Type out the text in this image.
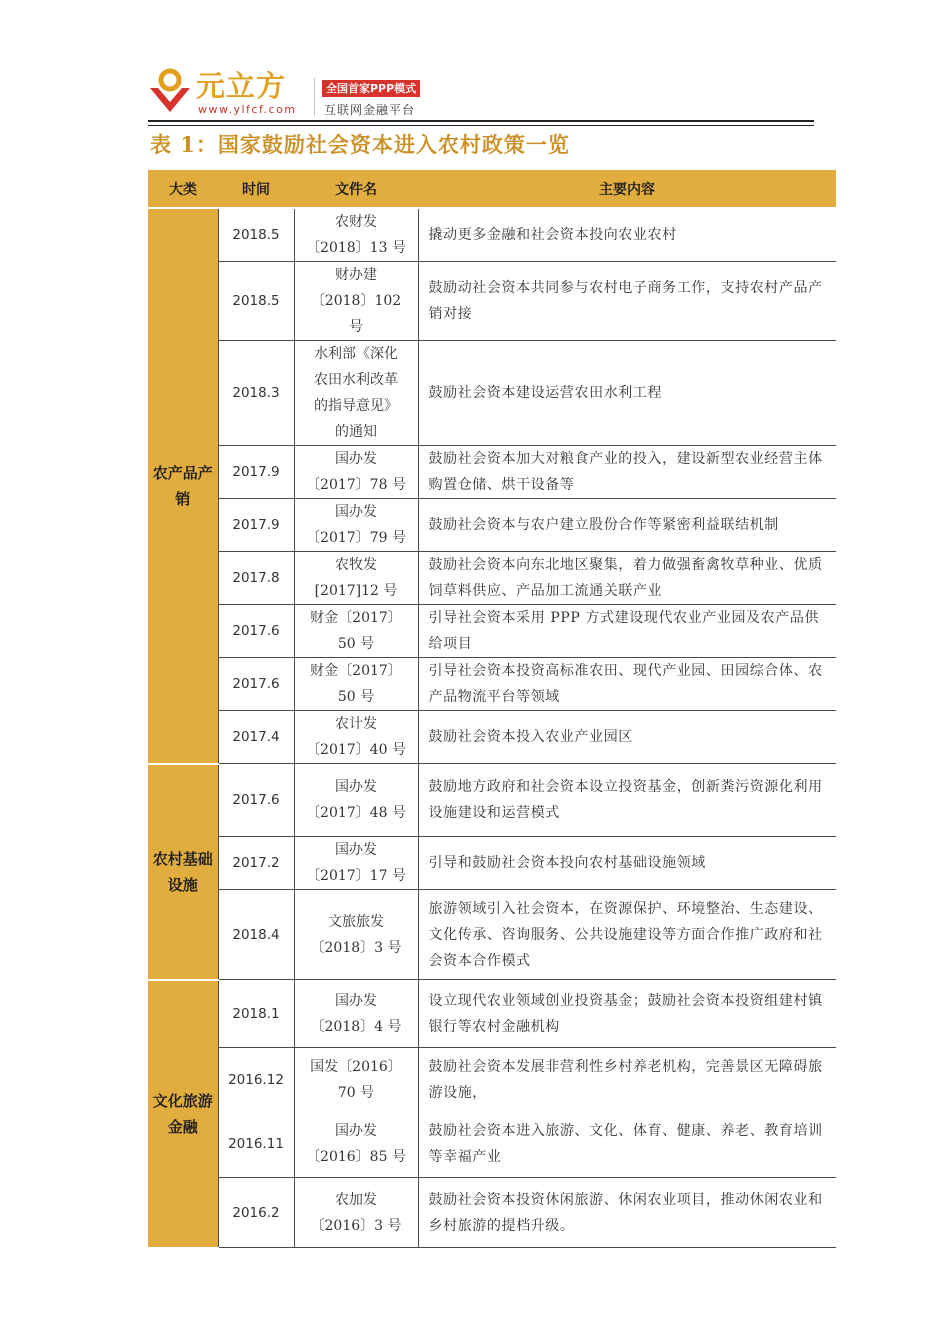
元立方
www.ylfcf.com
全国首家PPP模式
互联网金融平台
表 1：国家鼓励社会资本进入农村政策一览
大类	时间	文件名	主要内容
农产品产销	2018.5	农财发
〔2018〕13 号	撬动更多金融和社会资本投向农业农村
	2018.5	财办建
〔2018〕102
号	鼓励动社会资本共同参与农村电子商务工作，支持农村产品产销对接
	2018.3	水利部《深化
农田水利改革
的指导意见》
的通知	鼓励社会资本建设运营农田水利工程
	2017.9	国办发
〔2017〕78 号	鼓励社会资本加大对粮食产业的投入，建设新型农业经营主体购置仓储、烘干设备等
	2017.9	国办发
〔2017〕79 号	鼓励社会资本与农户建立股份合作等紧密利益联结机制
	2017.8	农牧发
[2017]12 号	鼓励社会资本向东北地区聚集，着力做强畜禽牧草种业、优质饲草料供应、产品加工流通关联产业
	2017.6	财金〔2017〕
50 号	引导社会资本采用 PPP 方式建设现代农业产业园及农产品供给项目
	2017.6	财金〔2017〕
50 号	引导社会资本投资高标准农田、现代产业园、田园综合体、农产品物流平台等领域
	2017.4	农计发
〔2017〕40 号	鼓励社会资本投入农业产业园区
农村基础设施	2017.6	国办发
〔2017〕48 号	鼓励地方政府和社会资本设立投资基金，创新粪污资源化利用设施建设和运营模式
	2017.2	国办发
〔2017〕17 号	引导和鼓励社会资本投向农村基础设施领域
	2018.4	文旅旅发
〔2018〕3 号	旅游领域引入社会资本，在资源保护、环境整治、生态建设、文化传承、咨询服务、公共设施建设等方面合作推广政府和社会资本合作模式
文化旅游金融	2018.1	国办发
〔2018〕4 号	设立现代农业领域创业投资基金；鼓励社会资本投资组建村镇银行等农村金融机构
	2016.12	国发〔2016〕
70 号	鼓励社会资本发展非营利性乡村养老机构，完善景区无障碍旅游设施，
	2016.11	国办发
〔2016〕85 号	鼓励社会资本进入旅游、文化、体育、健康、养老、教育培训等幸福产业
	2016.2	农加发
〔2016〕3 号	鼓励社会资本投资休闲旅游、休闲农业项目，推动休闲农业和乡村旅游的提档升级。
